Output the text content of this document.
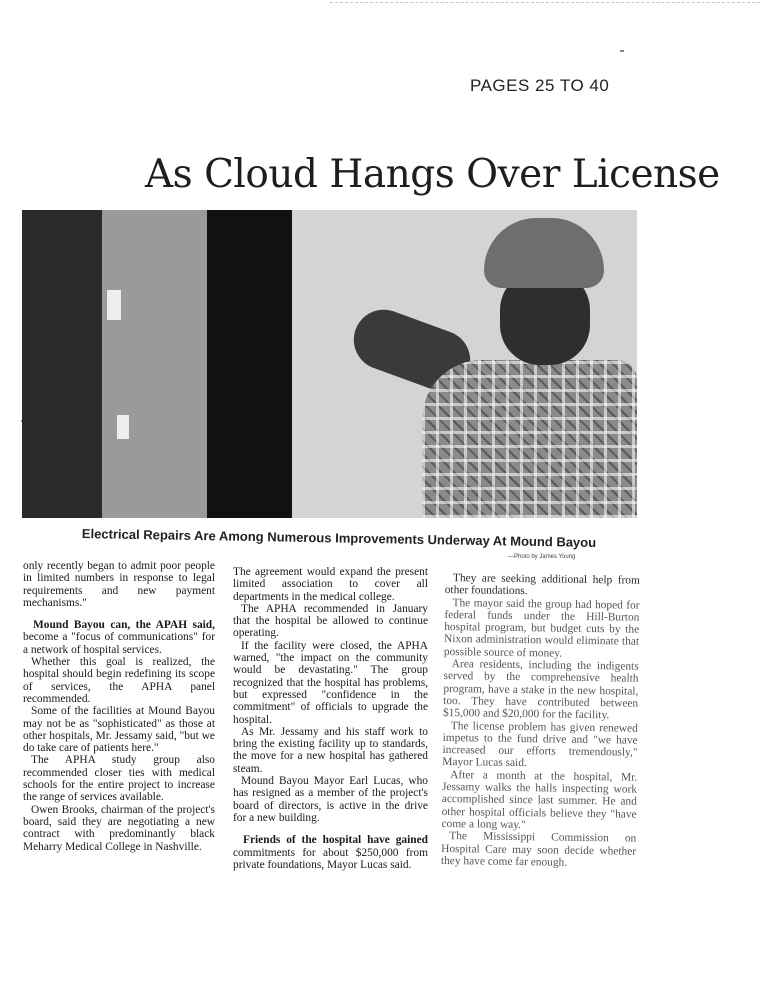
PAGES 25 TO 40
As Cloud Hangs Over License
Electrical Repairs Are Among Numerous Improvements Underway At Mound Bayou
—Photo by James Young

only recently began to admit poor people in limited numbers in response to legal requirements and new payment mechanisms."

Mound Bayou can, the APAH said, become a "focus of communications" for a network of hospital services.

Whether this goal is realized, the hospital should begin redefining its scope of services, the APHA panel recommended.

Some of the facilities at Mound Bayou may not be as "sophisticated" as those at other hospitals, Mr. Jessamy said, "but we do take care of patients here."

The APHA study group also recommended closer ties with medical schools for the entire project to increase the range of services available.

Owen Brooks, chairman of the project's board, said they are negotiating a new contract with predominantly black Meharry Medical College in Nashville.

The agreement would expand the present limited association to cover all departments in the medical college.

The APHA recommended in January that the hospital be allowed to continue operating.

If the facility were closed, the APHA warned, "the impact on the community would be devastating." The group recognized that the hospital has problems, but expressed "confidence in the commitment" of officials to upgrade the hospital.

As Mr. Jessamy and his staff work to bring the existing facility up to standards, the move for a new hospital has gathered steam.

Mound Bayou Mayor Earl Lucas, who has resigned as a member of the project's board of directors, is active in the drive for a new building.

Friends of the hospital have gained commitments for about $250,000 from private foundations, Mayor Lucas said.

They are seeking additional help from other foundations.

The mayor said the group had hoped for federal funds under the Hill-Burton hospital program, but budget cuts by the Nixon administration would eliminate that possible source of money.

Area residents, including the indigents served by the comprehensive health program, have a stake in the new hospital, too. They have contributed between $15,000 and $20,000 for the facility.

The license problem has given renewed impetus to the fund drive and "we have increased our efforts tremendously," Mayor Lucas said.

After a month at the hospital, Mr. Jessamy walks the halls inspecting work accomplished since last summer. He and other hospital officials believe they "have come a long way."

The Mississippi Commission on Hospital Care may soon decide whether they have come far enough.
